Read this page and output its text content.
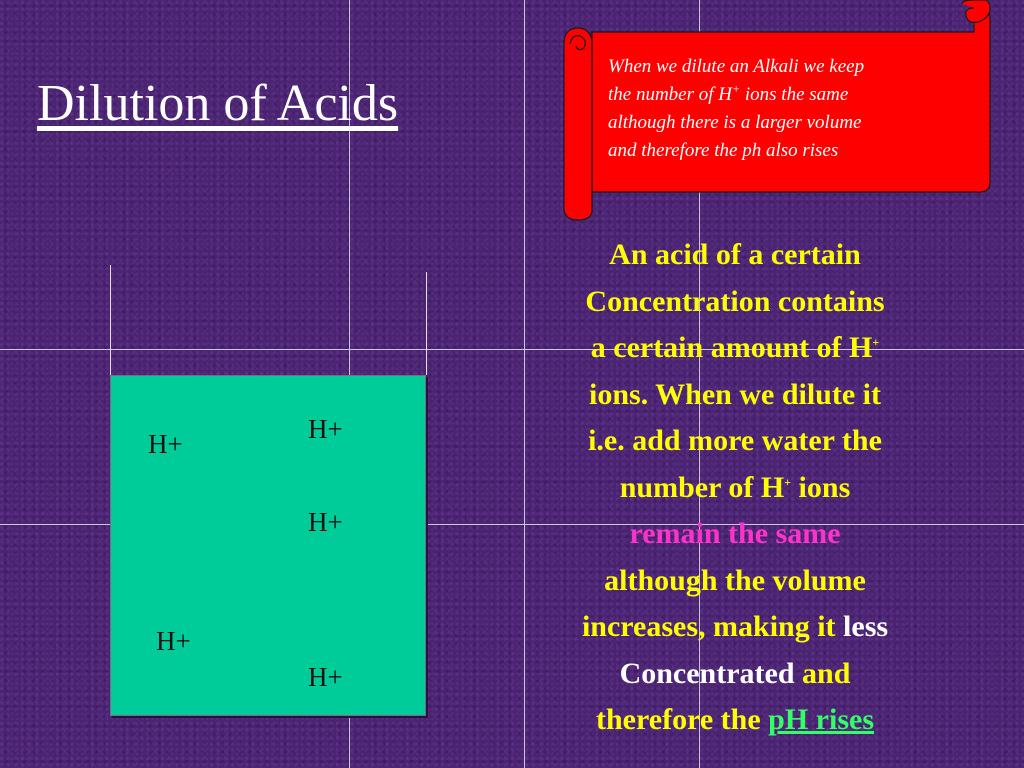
Dilution of Acids
When we dilute an Alkali we keep
the number of H+ ions the same
although there is a larger volume
and therefore the ph also rises
H+	H+
H+
H+
H+
An acid of a certain
Concentration contains
a certain amount of H+
ions. When we dilute it
i.e. add more water the
number of H+ ions
remain the same
although the volume
increases, making it less
Concentrated and
therefore the pH rises
